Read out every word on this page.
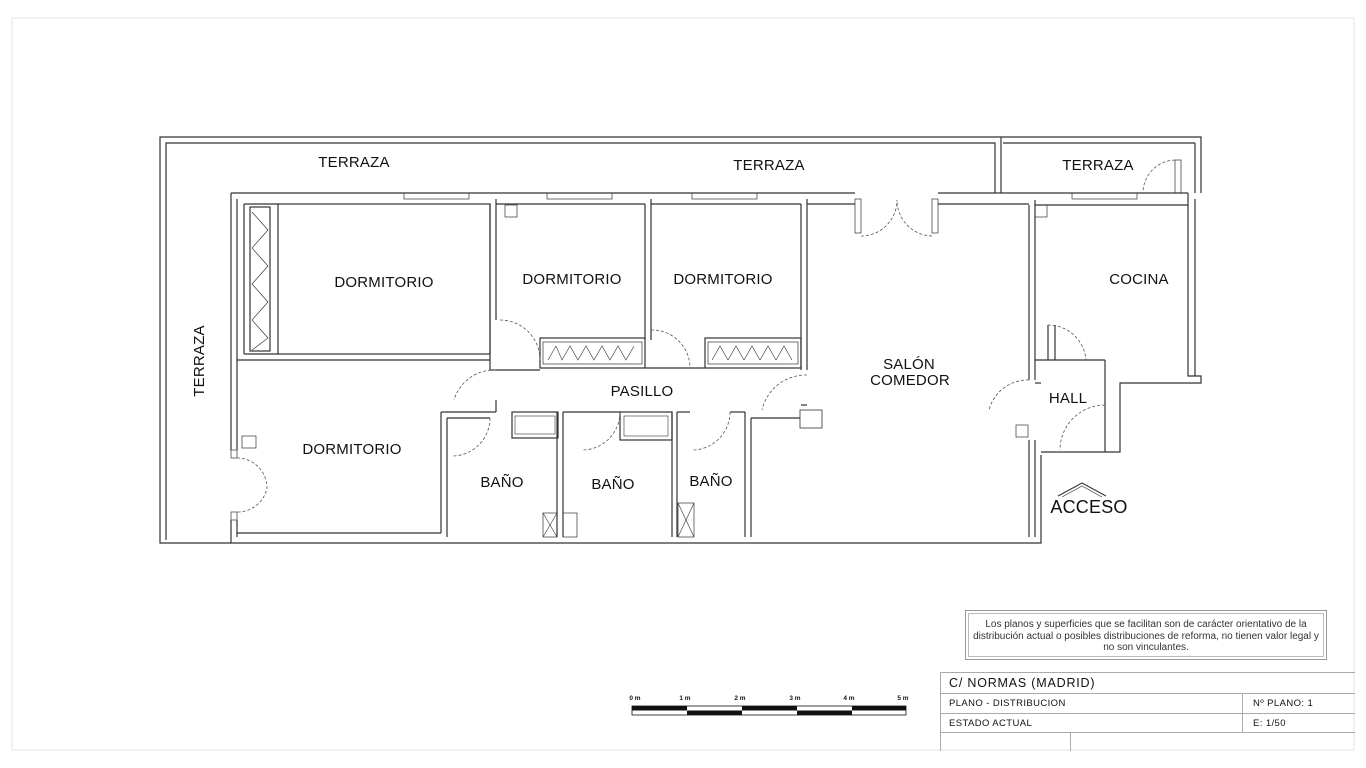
TERRAZA	TERRAZA	TERRAZA
TERRAZA
DORMITORIO	DORMITORIO	DORMITORIO
DORMITORIO
COCINA
SALÓN
COMEDOR
HALL
PASILLO
BAÑO	BAÑO	BAÑO
ACCESO
0 m	1 m	2 m	3 m	4 m	5 m
Los planos y superficies que se facilitan son de carácter orientativo de la distribución actual o posibles distribuciones de reforma, no tienen valor legal y no son vinculantes.
C/ NORMAS (MADRID)
PLANO - DISTRIBUCION	Nº PLANO: 1
ESTADO ACTUAL	E: 1/50
